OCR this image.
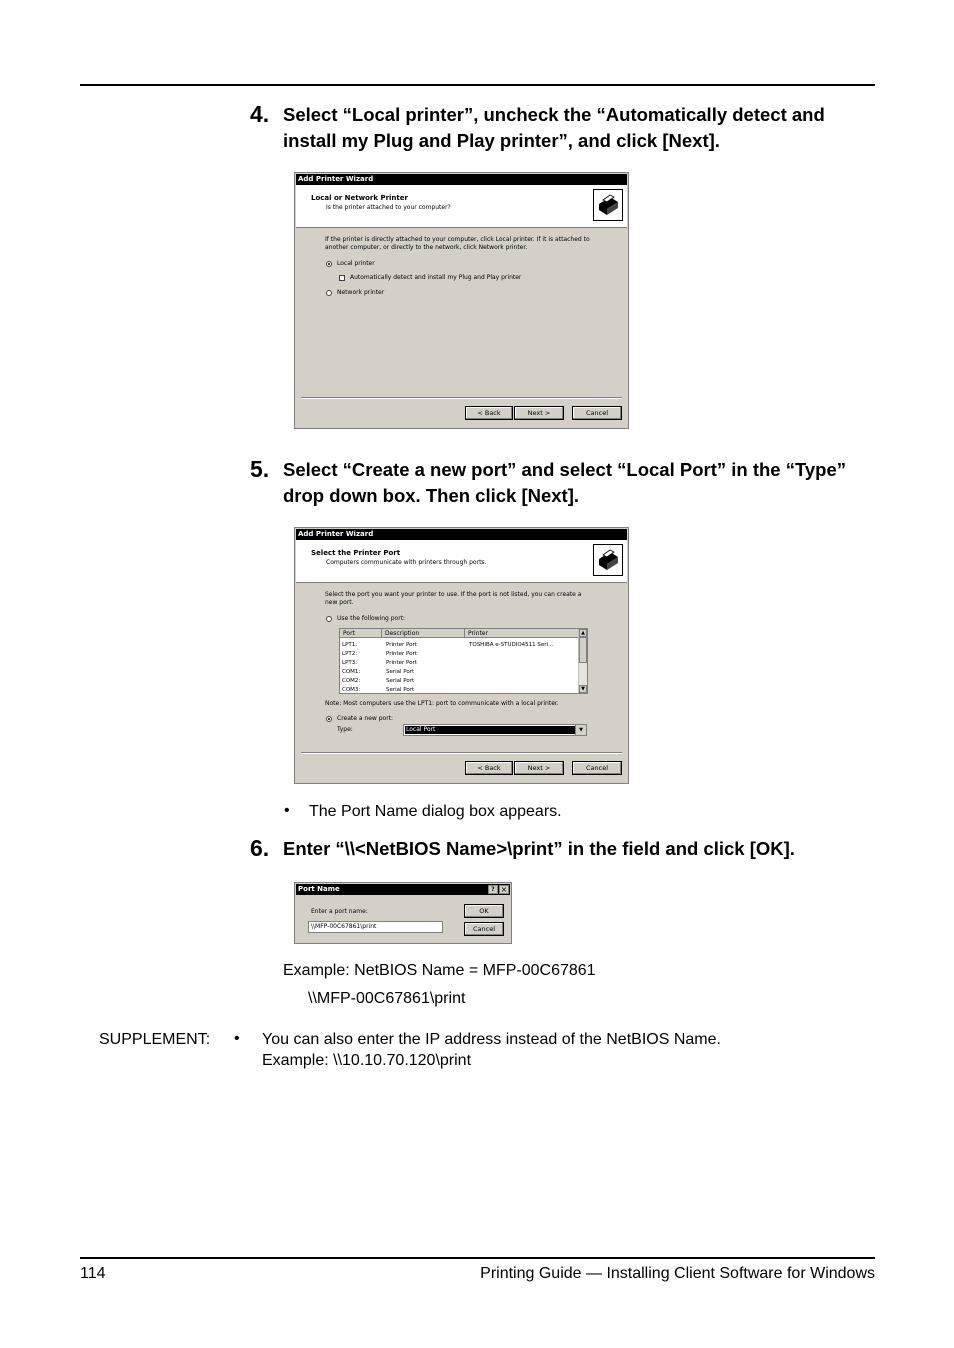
4. Select “Local printer”, uncheck the “Automatically detect and install my Plug and Play printer”, and click [Next].
Add Printer Wizard
Local or Network Printer
Is the printer attached to your computer?
If the printer is directly attached to your computer, click Local printer. If it is attached to
another computer, or directly to the network, click Network printer.
Local printer
Automatically detect and install my Plug and Play printer
Network printer
< Back	Next >	Cancel
5. Select “Create a new port” and select “Local Port” in the “Type” drop down box. Then click [Next].
Add Printer Wizard
Select the Printer Port
Computers communicate with printers through ports.
Select the port you want your printer to use. If the port is not listed, you can create a
new port.
Use the following port:
Port	Description	Printer
LPT1:	Printer Port	TOSHIBA e-STUDIO4511 Seri...
LPT2:	Printer Port
LPT3:	Printer Port
COM1:	Serial Port
COM2:	Serial Port
COM3:	Serial Port
▲
▼
Note: Most computers use the LPT1: port to communicate with a local printer.
Create a new port:
Type:	Local Port	▼
< Back	Next >	Cancel
• The Port Name dialog box appears.
6. Enter “\\<NetBIOS Name>\print” in the field and click [OK].
Port Name	? ×
Enter a port name:
\\MFP-00C67861\print
OK
Cancel
Example: NetBIOS Name = MFP-00C67861
\\MFP-00C67861\print
SUPPLEMENT: • You can also enter the IP address instead of the NetBIOS Name.
Example: \\10.10.70.120\print
114	Printing Guide — Installing Client Software for Windows
